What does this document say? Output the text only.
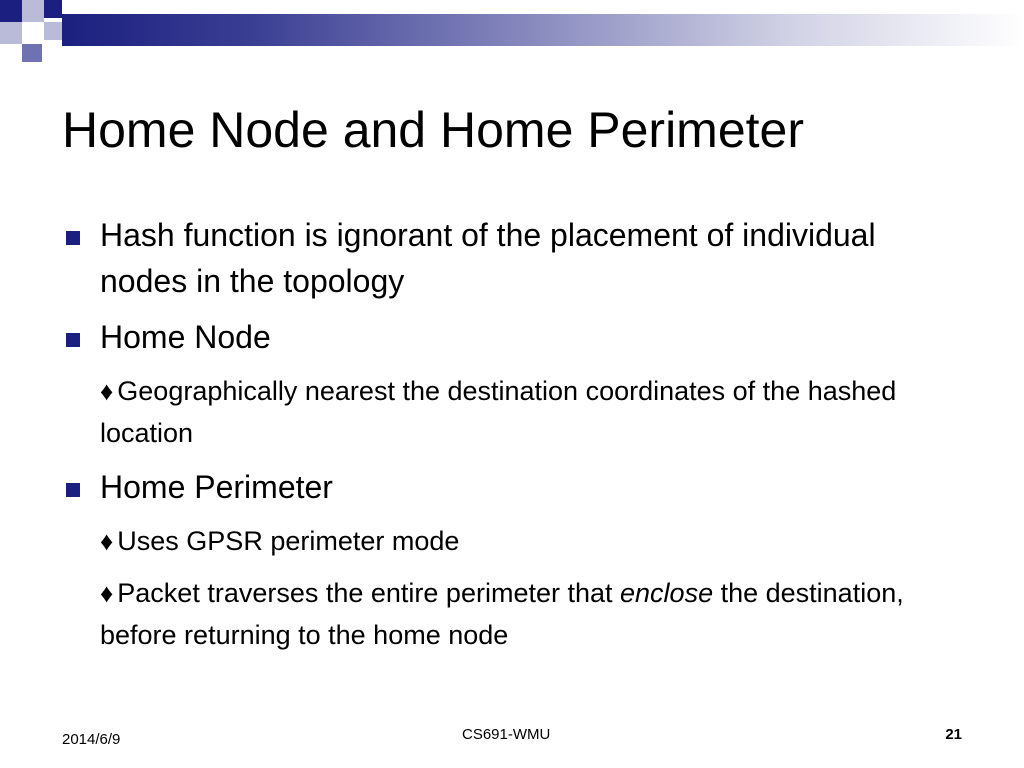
Home Node and Home Perimeter
Hash function is ignorant of the placement of individual nodes in the topology
Home Node
♦ Geographically nearest the destination coordinates of the hashed location
Home Perimeter
♦ Uses GPSR perimeter mode
♦ Packet traverses the entire perimeter that enclose the destination, before returning to the home node
2014/6/9	CS691-WMU	21
